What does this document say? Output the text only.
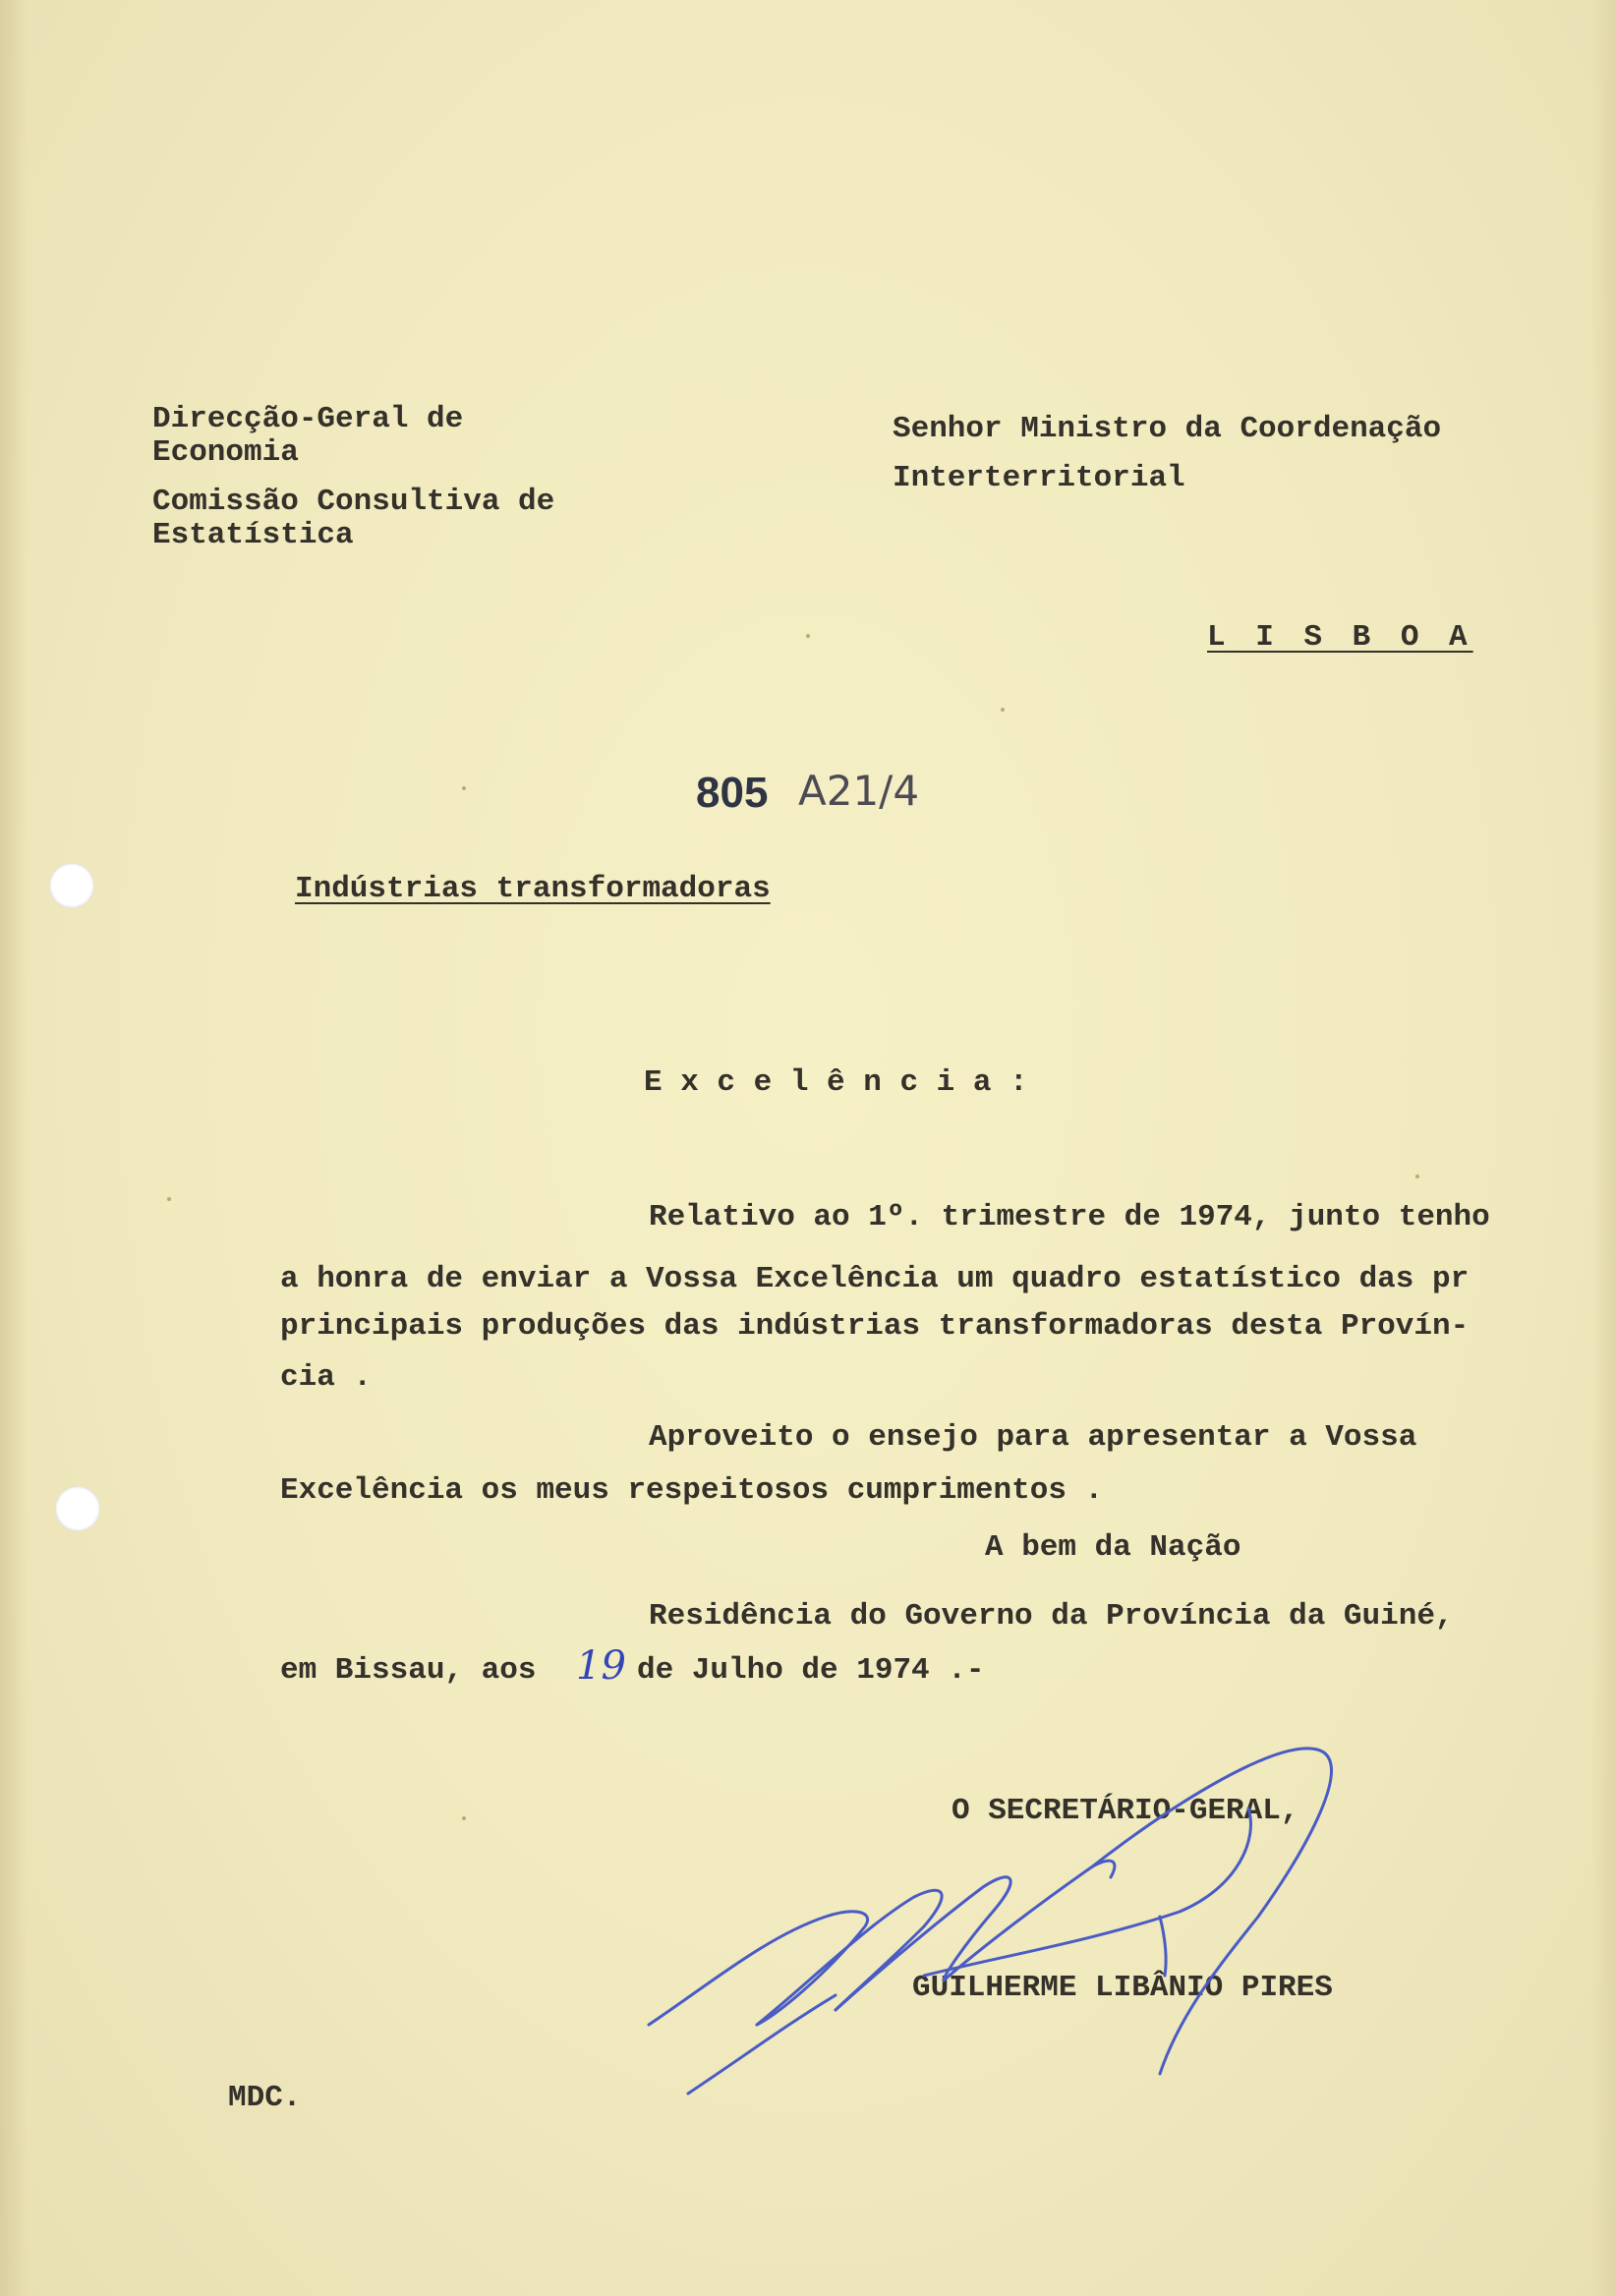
Direcção-Geral de
Economia
Comissão Consultiva de
Estatística
Senhor Ministro da Coordenação
Interterritorial
L I S B O A
805 A21/4
Indústrias transformadoras
E x c e l ê n c i a :
Relativo ao 1º. trimestre de 1974, junto tenho
a honra de enviar a Vossa Excelência um quadro estatístico das pr
principais produções das indústrias transformadoras desta Provín-
cia .
Aproveito o ensejo para apresentar a Vossa
Excelência os meus respeitosos cumprimentos .
A bem da Nação
Residência do Governo da Província da Guiné,
em Bissau, aos 19 de Julho de 1974 .-
O SECRETÁRIO-GERAL,
GUILHERME LIBÂNIO PIRES
MDC.
